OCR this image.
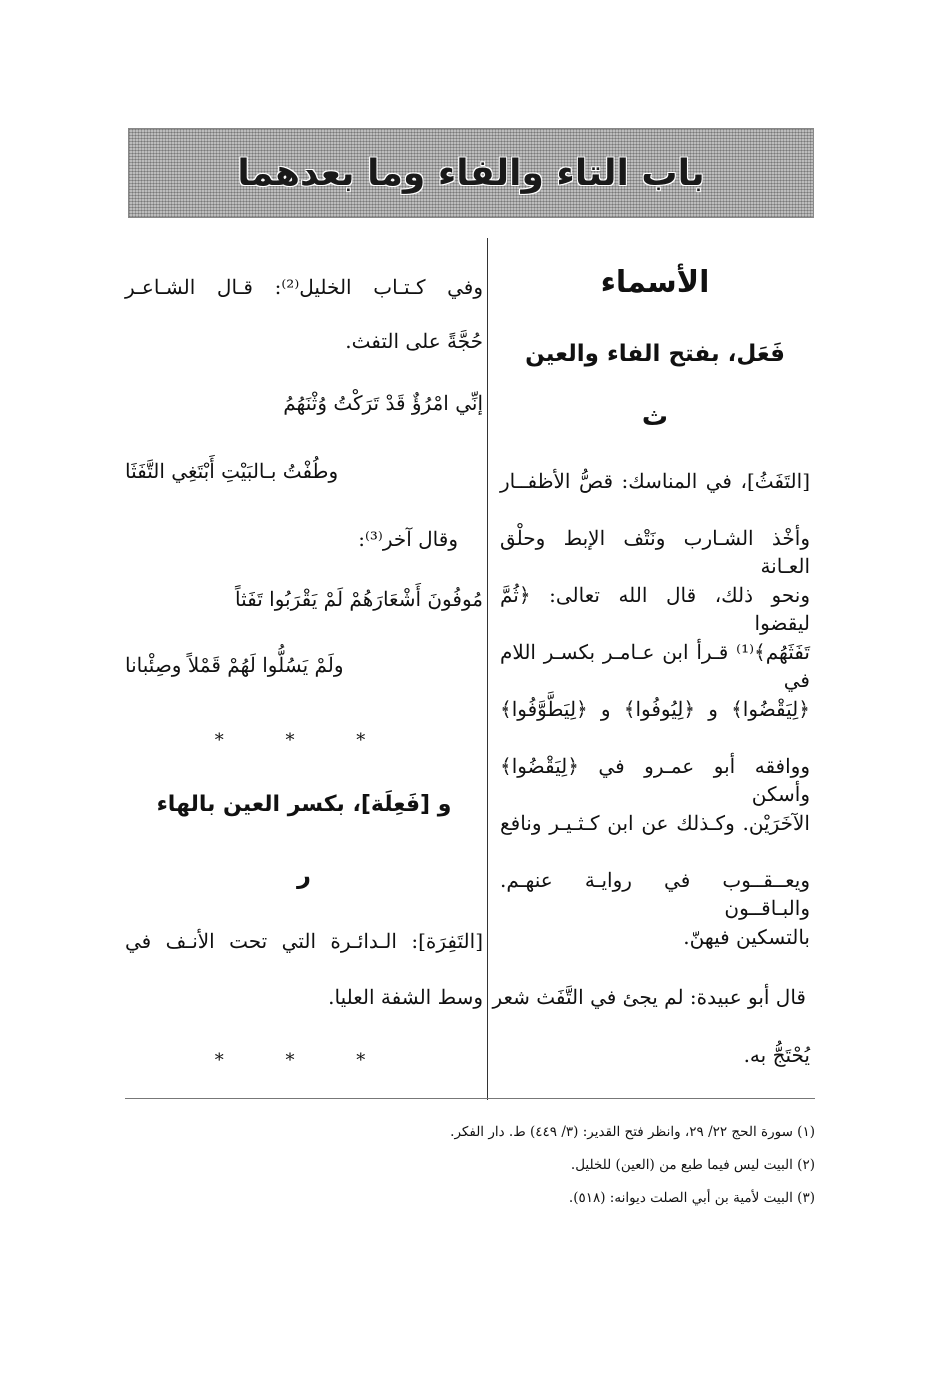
باب التاء والفاء وما بعدهما
الأسماء
فَعَل، بفتح الفاء والعين
ث
[التَفَثُ]، في المناسك: قصُّ الأظفــار
وأخْذ الشـارب ونَتْف الإبط وحلْق العـانة
ونحو ذلك، قال الله تعالى: ﴿ثُمَّ ليقضوا
تَفَثَهُم﴾⁽¹⁾ قـرأ ابن عـامـر بكسـر اللام في
﴿لِيَقْضُوا﴾ و ﴿لِيُوفُوا﴾ و ﴿لِيَطَّوَّفُوا﴾
ووافقه أبو عمـرو في ﴿لِيَقْضُوا﴾ وأسكن
الآخَرَيْن. وكـذلك عن ابن كـثـيـر ونافع
ويعــقــوب في روايـة عنهـم. والبـاقــون
بالتسكين فيهنّ.
قال أبو عبيدة: لم يجئ في التَّفَث شعر
يُحْتَجُّ به.
وفي كـتـاب الخليل⁽²⁾: قـال الشـاعـر
حُجَّةً على التفث.
إنِّي امْرُؤٌ قَدْ تَرَكْتُ وُثْنَهُمُ
وطُفْتُ بـالبَيْتِ أَبْتَغِي التَّفَثَا
وقال آخر⁽³⁾:
مُوفُونَ أَشْعَارَهُمْ لَمْ يَقْرَبُوا تَفَثاً
ولَمْ يَسُلُّوا لَهُمْ قَمْلاً وصِئْبانا
* * *
و [فَعِلَة]، بكسر العين بالهاء
ر
[التَفِرَة]: الـدائـرة التي تحت الأنـف في
وسط الشفة العليا.
* * *
(١) سورة الحج ٢٢/ ٢٩، وانظر فتح القدير: (٣/ ٤٤٩) ط. دار الفكر.
(٢) البيت ليس فيما طبع من (العين) للخليل.
(٣) البيت لأمية بن أبي الصلت ديوانه: (٥١٨).
